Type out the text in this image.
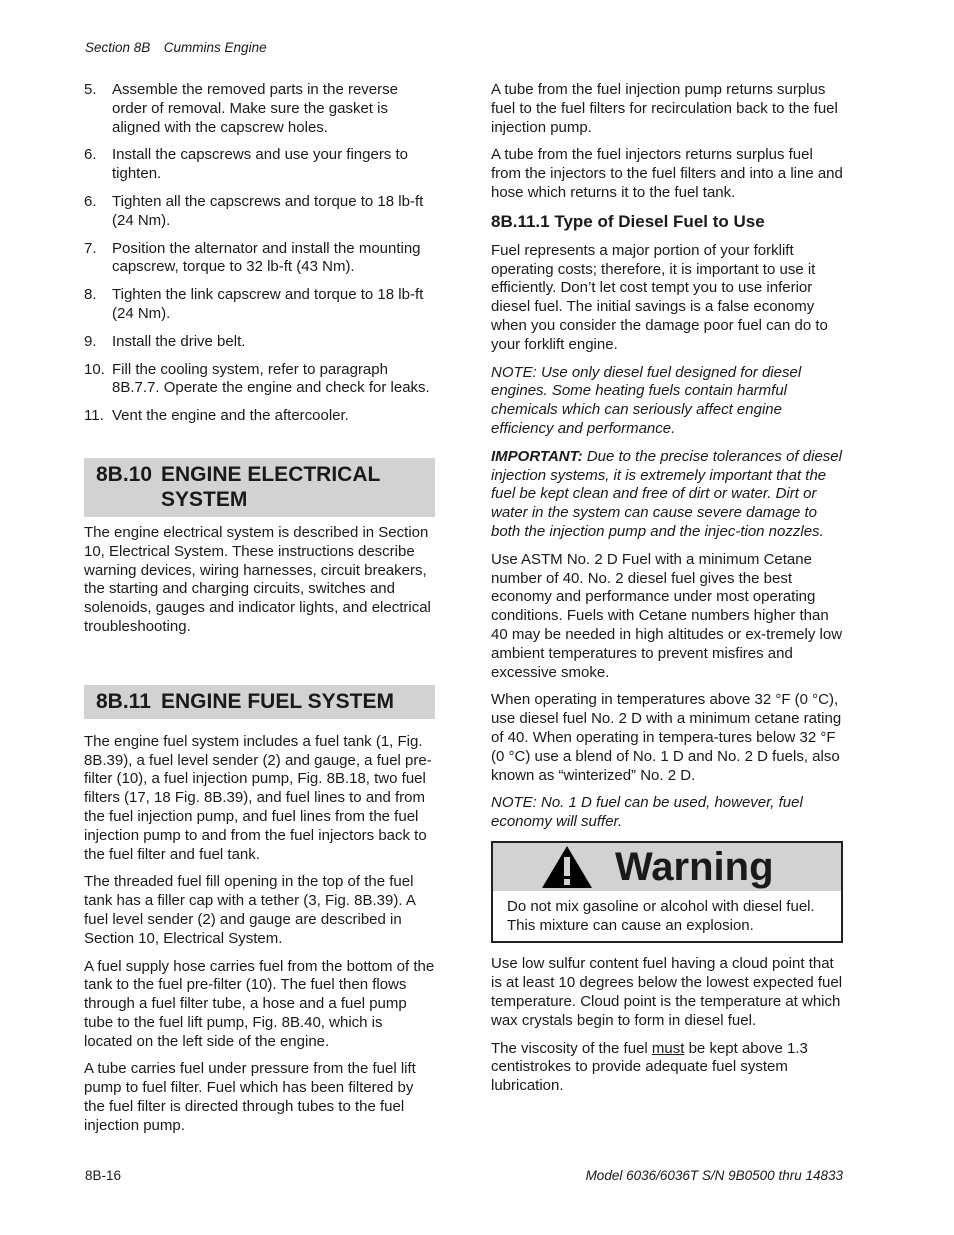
Section 8B Cummins Engine
5.	Assemble the removed parts in the reverse order of removal. Make sure the gasket is aligned with the capscrew holes.
6.	Install the capscrews and use your fingers to tighten.
6.	Tighten all the capscrews and torque to 18 lb-ft (24 Nm).
7.	Position the alternator and install the mounting capscrew, torque to 32 lb-ft (43 Nm).
8.	Tighten the link capscrew and torque to 18 lb-ft (24 Nm).
9.	Install the drive belt.
10. Fill the cooling system, refer to paragraph 8B.7.7. Operate the engine and check for leaks.
11. Vent the engine and the aftercooler.
8B.10 ENGINE ELECTRICAL
SYSTEM

The engine electrical system is described in Section 10, Electrical System. These instructions describe warning devices, wiring harnesses, circuit breakers, the starting and charging circuits, switches and solenoids, gauges and indicator lights, and electrical troubleshooting.

8B.11 ENGINE FUEL SYSTEM

The engine fuel system includes a fuel tank (1, Fig. 8B.39), a fuel level sender (2) and gauge, a fuel pre-filter (10), a fuel injection pump, Fig. 8B.18, two fuel filters (17, 18 Fig. 8B.39), and fuel lines to and from the fuel injection pump, and fuel lines from the fuel injection pump to and from the fuel injectors back to the fuel filter and fuel tank.

The threaded fuel fill opening in the top of the fuel tank has a filler cap with a tether (3, Fig. 8B.39). A fuel level sender (2) and gauge are described in Section 10, Electrical System.

A fuel supply hose carries fuel from the bottom of the tank to the fuel pre-filter (10). The fuel then flows through a fuel filter tube, a hose and a fuel pump tube to the fuel lift pump, Fig. 8B.40, which is located on the left side of the engine.

A tube carries fuel under pressure from the fuel lift pump to fuel filter. Fuel which has been filtered by the fuel filter is directed through tubes to the fuel injection pump.

A tube from the fuel injection pump returns surplus fuel to the fuel filters for recirculation back to the fuel injection pump.

A tube from the fuel injectors returns surplus fuel from the injectors to the fuel filters and into a line and hose which returns it to the fuel tank.

8B.11.1 Type of Diesel Fuel to Use

Fuel represents a major portion of your forklift operating costs; therefore, it is important to use it efficiently. Don’t let cost tempt you to use inferior diesel fuel. The initial savings is a false economy when you consider the damage poor fuel can do to your forklift engine.

NOTE: Use only diesel fuel designed for diesel engines. Some heating fuels contain harmful chemicals which can seriously affect engine efficiency and performance.

IMPORTANT: Due to the precise tolerances of diesel injection systems, it is extremely important that the fuel be kept clean and free of dirt or water. Dirt or water in the system can cause severe damage to both the injection pump and the injec-tion nozzles.

Use ASTM No. 2 D Fuel with a minimum Cetane number of 40. No. 2 diesel fuel gives the best economy and performance under most operating conditions. Fuels with Cetane numbers higher than 40 may be needed in high altitudes or ex-tremely low ambient temperatures to prevent misfires and excessive smoke.

When operating in temperatures above 32 °F (0 °C), use diesel fuel No. 2 D with a minimum cetane rating of 40. When operating in tempera-tures below 32 °F (0 °C) use a blend of No. 1 D and No. 2 D fuels, also known as “winterized” No. 2 D.

NOTE: No. 1 D fuel can be used, however, fuel economy will suffer.

Warning
Do not mix gasoline or alcohol with diesel fuel. This mixture can cause an explosion.

Use low sulfur content fuel having a cloud point that is at least 10 degrees below the lowest expected fuel temperature. Cloud point is the temperature at which wax crystals begin to form in diesel fuel.

The viscosity of the fuel must be kept above 1.3 centistrokes to provide adequate fuel system lubrication.

8B-16	Model 6036/6036T S/N 9B0500 thru 14833
